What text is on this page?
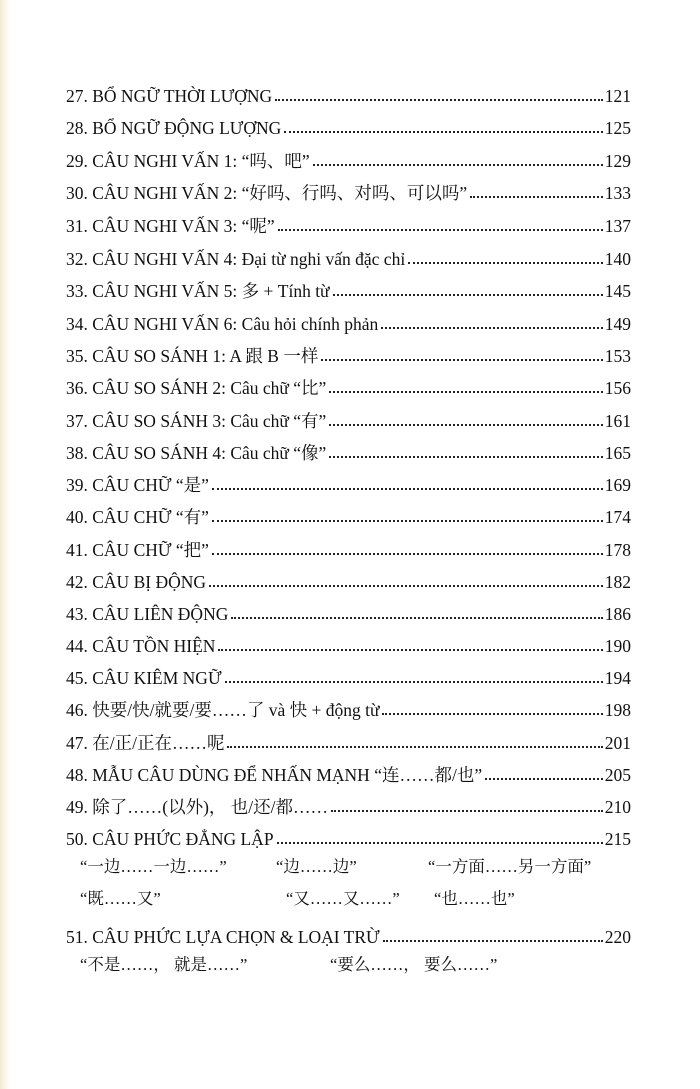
27. BỔ NGỮ THỜI LƯỢNG	121
28. BỔ NGỮ ĐỘNG LƯỢNG	125
29. CÂU NGHI VẤN 1: “吗、吧”	129
30. CÂU NGHI VẤN 2: “好吗、行吗、对吗、可以吗”	133
31. CÂU NGHI VẤN 3: “呢”	137
32. CÂU NGHI VẤN 4: Đại từ nghi vấn đặc chỉ	140
33. CÂU NGHI VẤN 5: 多 + Tính từ	145
34. CÂU NGHI VẤN 6: Câu hỏi chính phản	149
35. CÂU SO SÁNH 1: A 跟 B 一样	153
36. CÂU SO SÁNH 2: Câu chữ “比”	156
37. CÂU SO SÁNH 3: Câu chữ “有”	161
38. CÂU SO SÁNH 4: Câu chữ “像”	165
39. CÂU CHỮ “是”	169
40. CÂU CHỮ “有”	174
41. CÂU CHỮ “把”	178
42. CÂU BỊ ĐỘNG	182
43. CÂU LIÊN ĐỘNG	186
44. CÂU TỒN HIỆN	190
45. CÂU KIÊM NGỮ	194
46. 快要/快/就要/要……了 và 快 + động từ	198
47. 在/正/正在……呢	201
48. MẪU CÂU DÙNG ĐỂ NHẤN MẠNH “连……都/也”	205
49. 除了……(以外)， 也/还/都……	210
50. CÂU PHỨC ĐẲNG LẬP	215
“一边……一边……”	“边……边”	“一方面……另一方面”
“既……又”	“又……又……” “也……也”
51. CÂU PHỨC LỰA CHỌN & LOẠI TRỪ	220
“不是……， 就是……”	“要么……， 要么……”
